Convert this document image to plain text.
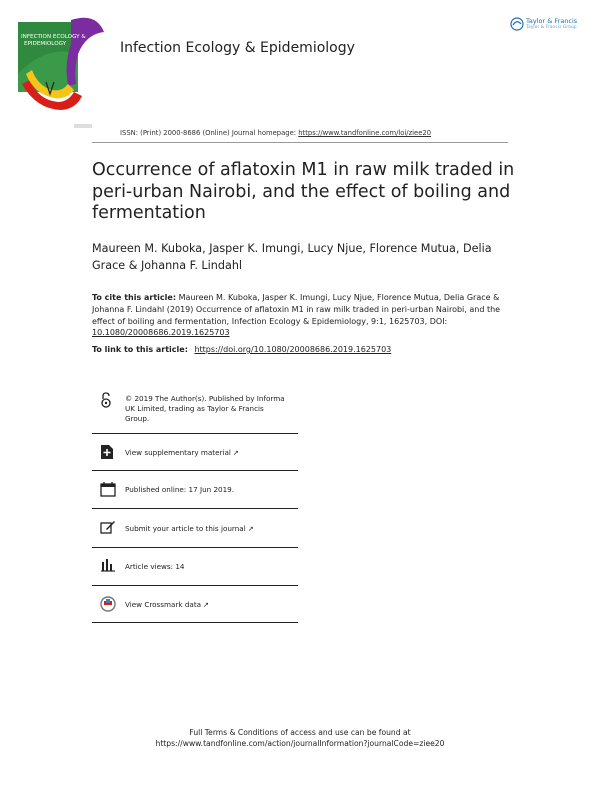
INFECTION ECOLOGY &
EPIDEMIOLOGY	Infection Ecology & Epidemiology
Taylor & Francis
Taylor & Francis Group
ISSN: (Print) 2000-8686 (Online) Journal homepage: https://www.tandfonline.com/loi/ziee20
Occurrence of aflatoxin M1 in raw milk traded in peri-urban Nairobi, and the effect of boiling and fermentation
Maureen M. Kuboka, Jasper K. Imungi, Lucy Njue, Florence Mutua, Delia Grace & Johanna F. Lindahl
To cite this article: Maureen M. Kuboka, Jasper K. Imungi, Lucy Njue, Florence Mutua, Delia Grace & Johanna F. Lindahl (2019) Occurrence of aflatoxin M1 in raw milk traded in peri-urban Nairobi, and the effect of boiling and fermentation, Infection Ecology & Epidemiology, 9:1, 1625703, DOI: 10.1080/20008686.2019.1625703
To link to this article: https://doi.org/10.1080/20008686.2019.1625703
© 2019 The Author(s). Published by Informa
UK Limited, trading as Taylor & Francis
Group.
View supplementary material ↗
Published online: 17 Jun 2019.
Submit your article to this journal ↗
Article views: 14
View Crossmark data ↗
Full Terms & Conditions of access and use can be found at
https://www.tandfonline.com/action/journalInformation?journalCode=ziee20
